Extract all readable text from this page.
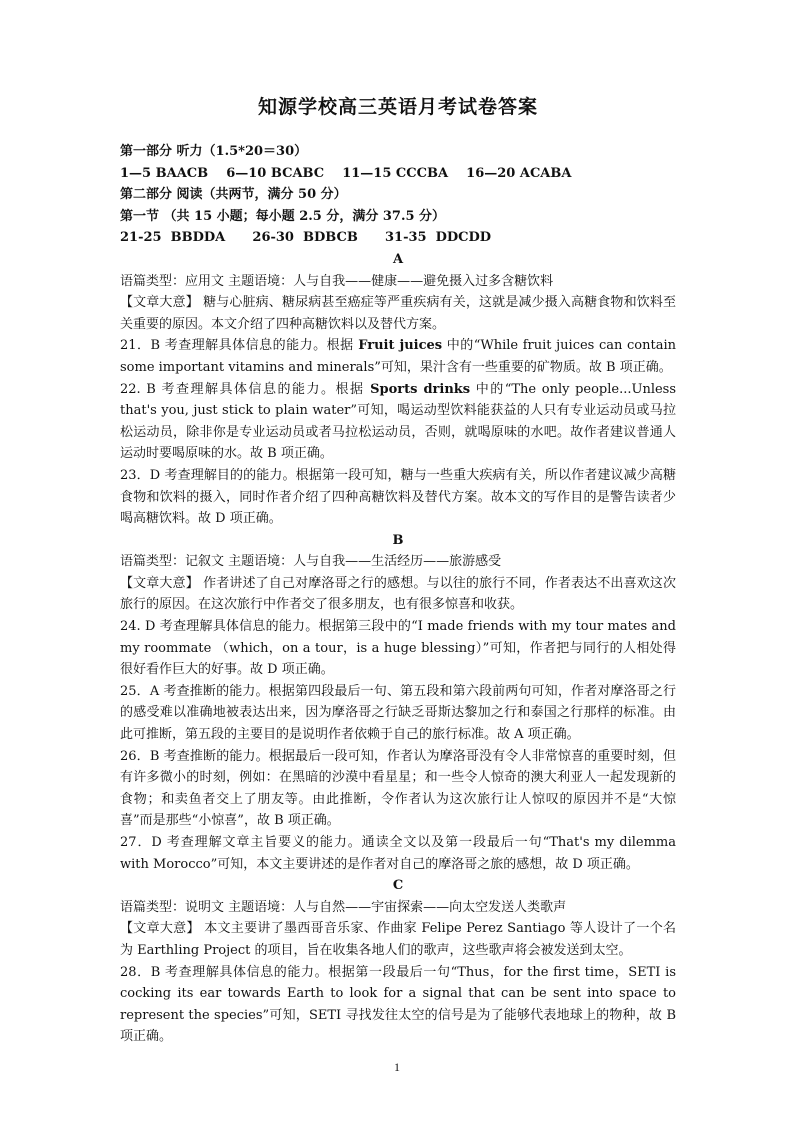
知源学校高三英语月考试卷答案

第一部分 听力（1.5*20＝30）

1—5 BAACB    6—10 BCABC    11—15 CCCBA    16—20 ACABA

第二部分 阅读（共两节，满分 50 分）

第一节 （共 15 小题；每小题 2.5 分，满分 37.5 分）

21-25  BBDDA      26-30  BDBCB      31-35  DDCDD

A

语篇类型：应用文 主题语境：人与自我——健康——避免摄入过多含糖饮料

【文章大意】 糖与心脏病、糖尿病甚至癌症等严重疾病有关，这就是减少摄入高糖食物和饮料至关重要的原因。本文介绍了四种高糖饮料以及替代方案。

21．B 考查理解具体信息的能力。根据 Fruit juices 中的“While fruit juices can contain some important vitamins and minerals”可知，果汁含有一些重要的矿物质。故 B 项正确。

22. B 考查理解具体信息的能力。根据 Sports drinks 中的“The only people...Unless that's you, just stick to plain water”可知，喝运动型饮料能获益的人只有专业运动员或马拉松运动员，除非你是专业运动员或者马拉松运动员，否则，就喝原味的水吧。故作者建议普通人运动时要喝原味的水。故 B 项正确。

23．D 考查理解目的的能力。根据第一段可知，糖与一些重大疾病有关，所以作者建议减少高糖食物和饮料的摄入，同时作者介绍了四种高糖饮料及替代方案。故本文的写作目的是警告读者少喝高糖饮料。故 D 项正确。

B

语篇类型：记叙文 主题语境：人与自我——生活经历——旅游感受

【文章大意】 作者讲述了自己对摩洛哥之行的感想。与以往的旅行不同，作者表达不出喜欢这次旅行的原因。在这次旅行中作者交了很多朋友，也有很多惊喜和收获。

24. D 考查理解具体信息的能力。根据第三段中的“I made friends with my tour mates and my roommate （which，on a tour，is a huge blessing）”可知，作者把与同行的人相处得很好看作巨大的好事。故 D 项正确。

25．A 考查推断的能力。根据第四段最后一句、第五段和第六段前两句可知，作者对摩洛哥之行的感受难以准确地被表达出来，因为摩洛哥之行缺乏哥斯达黎加之行和泰国之行那样的标准。由此可推断，第五段的主要目的是说明作者依赖于自己的旅行标准。故 A 项正确。

26．B 考查推断的能力。根据最后一段可知，作者认为摩洛哥没有令人非常惊喜的重要时刻，但有许多微小的时刻，例如：在黑暗的沙漠中看星星；和一些令人惊奇的澳大利亚人一起发现新的食物；和卖鱼者交上了朋友等。由此推断，令作者认为这次旅行让人惊叹的原因并不是“大惊喜”而是那些“小惊喜”，故 B 项正确。

27．D 考查理解文章主旨要义的能力。通读全文以及第一段最后一句“That's my dilemma with Morocco”可知，本文主要讲述的是作者对自己的摩洛哥之旅的感想，故 D 项正确。

C

语篇类型：说明文 主题语境：人与自然——宇宙探索——向太空发送人类歌声

【文章大意】 本文主要讲了墨西哥音乐家、作曲家 Felipe Perez Santiago 等人设计了一个名为 Earthling Project 的项目，旨在收集各地人们的歌声，这些歌声将会被发送到太空。

28．B 考查理解具体信息的能力。根据第一段最后一句“Thus，for the first time，SETI is cocking its ear towards Earth to look for a signal that can be sent into space to represent the species”可知，SETI 寻找发往太空的信号是为了能够代表地球上的物种，故 B 项正确。

1
